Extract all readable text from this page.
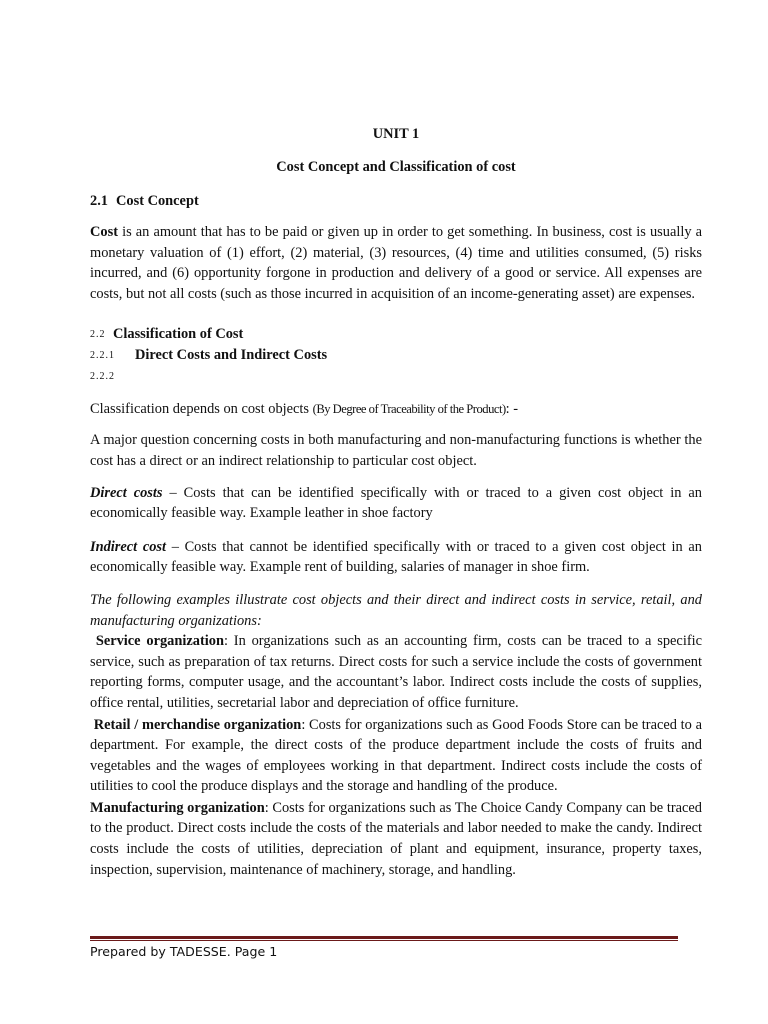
UNIT 1
Cost Concept and Classification of cost
2.1 Cost Concept

Cost is an amount that has to be paid or given up in order to get something. In business, cost is usually a monetary valuation of (1) effort, (2) material, (3) resources, (4) time and utilities consumed, (5) risks incurred, and (6) opportunity forgone in production and delivery of a good or service. All expenses are costs, but not all costs (such as those incurred in acquisition of an income-generating asset) are expenses.

2.2 Classification of Cost
2.2.1 Direct Costs and Indirect Costs
2.2.2

Classification depends on cost objects (By Degree of Traceability of the Product): -

A major question concerning costs in both manufacturing and non-manufacturing functions is whether the cost has a direct or an indirect relationship to particular cost object.

Direct costs – Costs that can be identified specifically with or traced to a given cost object in an economically feasible way. Example leather in shoe factory

Indirect cost – Costs that cannot be identified specifically with or traced to a given cost object in an economically feasible way. Example rent of building, salaries of manager in shoe firm.

The following examples illustrate cost objects and their direct and indirect costs in service, retail, and manufacturing organizations:

Service organization: In organizations such as an accounting firm, costs can be traced to a specific service, such as preparation of tax returns. Direct costs for such a service include the costs of government reporting forms, computer usage, and the accountant’s labor. Indirect costs include the costs of supplies, office rental, utilities, secretarial labor and depreciation of office furniture.

Retail / merchandise organization: Costs for organizations such as Good Foods Store can be traced to a department. For example, the direct costs of the produce department include the costs of fruits and vegetables and the wages of employees working in that department. Indirect costs include the costs of utilities to cool the produce displays and the storage and handling of the produce.

Manufacturing organization: Costs for organizations such as The Choice Candy Company can be traced to the product. Direct costs include the costs of the materials and labor needed to make the candy. Indirect costs include the costs of utilities, depreciation of plant and equipment, insurance, property taxes, inspection, supervision, maintenance of machinery, storage, and handling.

Prepared by TADESSE. Page 1
